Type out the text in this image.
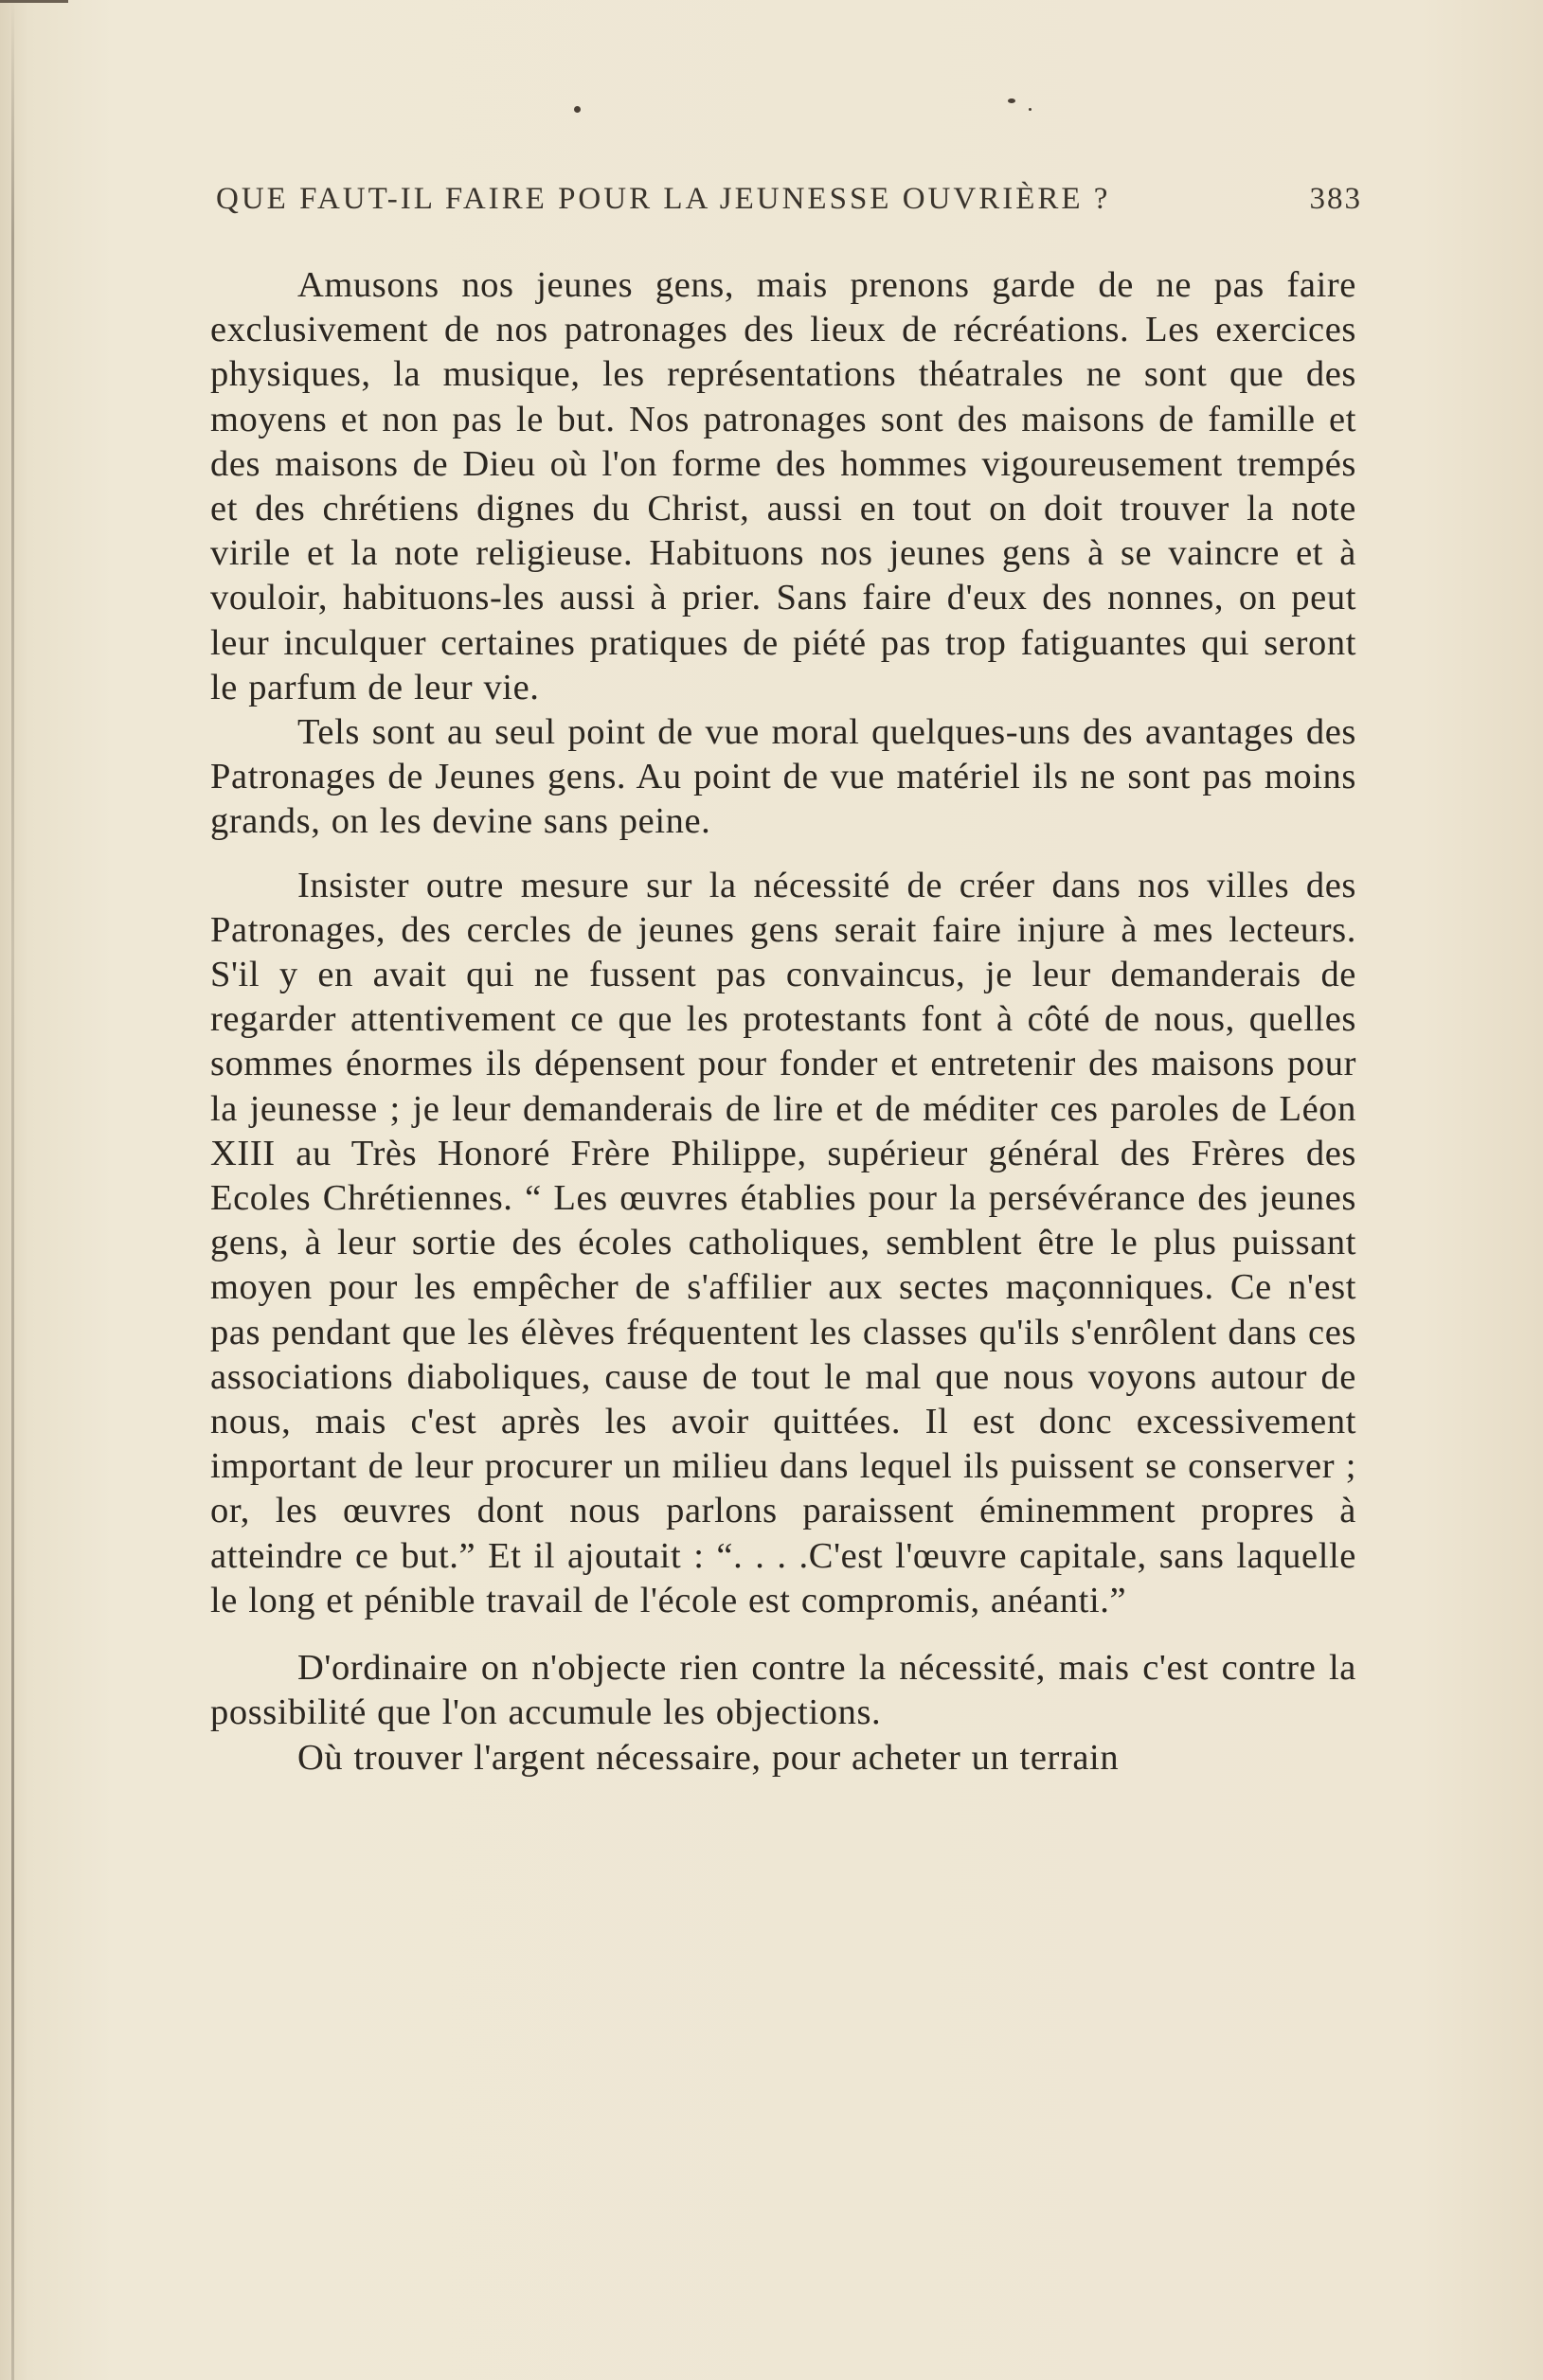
QUE FAUT-IL FAIRE POUR LA JEUNESSE OUVRIÈRE ?	383

Amusons nos jeunes gens, mais prenons garde de ne pas faire exclusivement de nos patronages des lieux de récréations. Les exercices physiques, la musique, les représentations théatrales ne sont que des moyens et non pas le but. Nos patronages sont des maisons de famille et des maisons de Dieu où l'on forme des hommes vigoureusement trempés et des chrétiens dignes du Christ, aussi en tout on doit trouver la note virile et la note religieuse. Habituons nos jeunes gens à se vaincre et à vouloir, habituons-les aussi à prier. Sans faire d'eux des nonnes, on peut leur inculquer certaines pratiques de piété pas trop fatiguantes qui seront le parfum de leur vie.

Tels sont au seul point de vue moral quelques-uns des avantages des Patronages de Jeunes gens. Au point de vue matériel ils ne sont pas moins grands, on les devine sans peine.

Insister outre mesure sur la nécessité de créer dans nos villes des Patronages, des cercles de jeunes gens serait faire injure à mes lecteurs. S'il y en avait qui ne fussent pas convaincus, je leur demanderais de regarder attentivement ce que les protestants font à côté de nous, quelles sommes énormes ils dépensent pour fonder et entretenir des maisons pour la jeunesse ; je leur demanderais de lire et de méditer ces paroles de Léon XIII au Très Honoré Frère Philippe, supérieur général des Frères des Ecoles Chrétiennes. “ Les œuvres établies pour la persévérance des jeunes gens, à leur sortie des écoles catholiques, semblent être le plus puissant moyen pour les empêcher de s'affilier aux sectes maçonniques. Ce n'est pas pendant que les élèves fréquentent les classes qu'ils s'enrôlent dans ces associations diaboliques, cause de tout le mal que nous voyons autour de nous, mais c'est après les avoir quittées. Il est donc excessivement important de leur procurer un milieu dans lequel ils puissent se conserver ; or, les œuvres dont nous parlons paraissent éminemment propres à atteindre ce but.” Et il ajoutait : “. . . .C'est l'œuvre capitale, sans laquelle le long et pénible travail de l'école est compromis, anéanti.”

D'ordinaire on n'objecte rien contre la nécessité, mais c'est contre la possibilité que l'on accumule les objections.

Où trouver l'argent nécessaire, pour acheter un terrain
